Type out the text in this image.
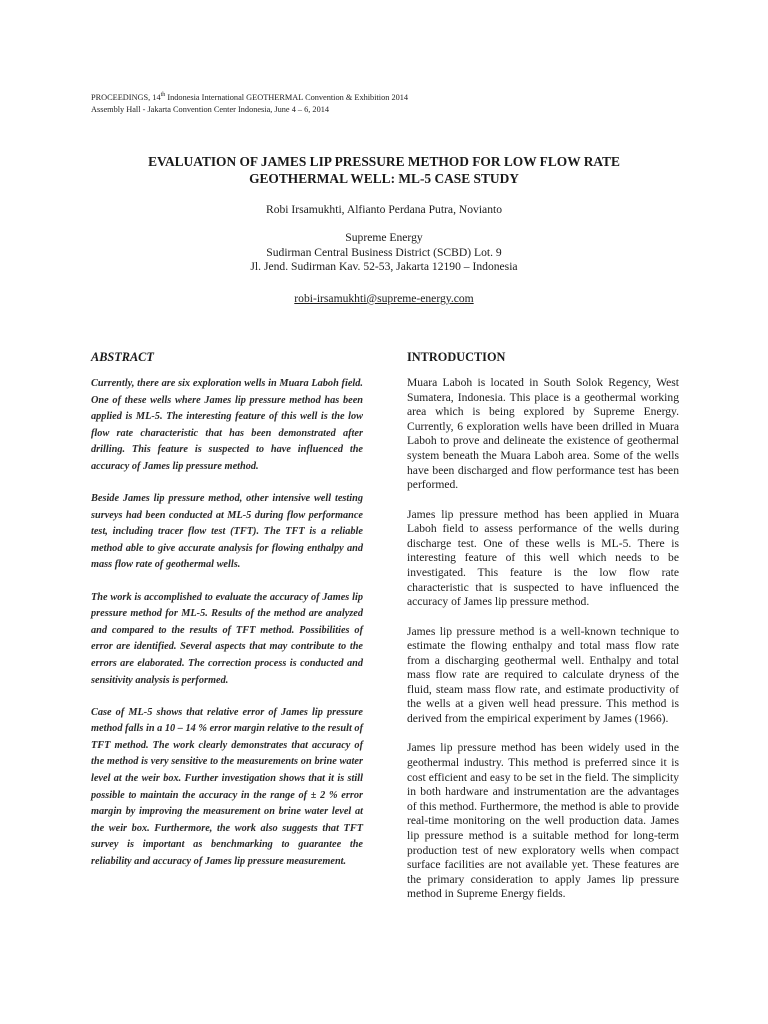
PROCEEDINGS, 14th Indonesia International GEOTHERMAL Convention & Exhibition 2014
Assembly Hall - Jakarta Convention Center Indonesia, June 4 – 6, 2014
EVALUATION OF JAMES LIP PRESSURE METHOD FOR LOW FLOW RATE
GEOTHERMAL WELL: ML-5 CASE STUDY
Robi Irsamukhti, Alfianto Perdana Putra, Novianto
Supreme Energy
Sudirman Central Business District (SCBD) Lot. 9
Jl. Jend. Sudirman Kav. 52-53, Jakarta 12190 – Indonesia
robi-irsamukhti@supreme-energy.com
ABSTRACT

Currently, there are six exploration wells in Muara Laboh field. One of these wells where James lip pressure method has been applied is ML-5. The interesting feature of this well is the low flow rate characteristic that has been demonstrated after drilling. This feature is suspected to have influenced the accuracy of James lip pressure method.

Beside James lip pressure method, other intensive well testing surveys had been conducted at ML-5 during flow performance test, including tracer flow test (TFT). The TFT is a reliable method able to give accurate analysis for flowing enthalpy and mass flow rate of geothermal wells.

The work is accomplished to evaluate the accuracy of James lip pressure method for ML-5. Results of the method are analyzed and compared to the results of TFT method. Possibilities of error are identified. Several aspects that may contribute to the errors are elaborated. The correction process is conducted and sensitivity analysis is performed.

Case of ML-5 shows that relative error of James lip pressure method falls in a 10 – 14 % error margin relative to the result of TFT method. The work clearly demonstrates that accuracy of the method is very sensitive to the measurements on brine water level at the weir box. Further investigation shows that it is still possible to maintain the accuracy in the range of ± 2 % error margin by improving the measurement on brine water level at the weir box. Furthermore, the work also suggests that TFT survey is important as benchmarking to guarantee the reliability and accuracy of James lip pressure measurement.

INTRODUCTION

Muara Laboh is located in South Solok Regency, West Sumatera, Indonesia. This place is a geothermal working area which is being explored by Supreme Energy. Currently, 6 exploration wells have been drilled in Muara Laboh to prove and delineate the existence of geothermal system beneath the Muara Laboh area. Some of the wells have been discharged and flow performance test has been performed.

James lip pressure method has been applied in Muara Laboh field to assess performance of the wells during discharge test. One of these wells is ML-5. There is interesting feature of this well which needs to be investigated. This feature is the low flow rate characteristic that is suspected to have influenced the accuracy of James lip pressure method.

James lip pressure method is a well-known technique to estimate the flowing enthalpy and total mass flow rate from a discharging geothermal well. Enthalpy and total mass flow rate are required to calculate dryness of the fluid, steam mass flow rate, and estimate productivity of the wells at a given well head pressure. This method is derived from the empirical experiment by James (1966).

James lip pressure method has been widely used in the geothermal industry. This method is preferred since it is cost efficient and easy to be set in the field. The simplicity in both hardware and instrumentation are the advantages of this method. Furthermore, the method is able to provide real-time monitoring on the well production data. James lip pressure method is a suitable method for long-term production test of new exploratory wells when compact surface facilities are not available yet. These features are the primary consideration to apply James lip pressure method in Supreme Energy fields.
